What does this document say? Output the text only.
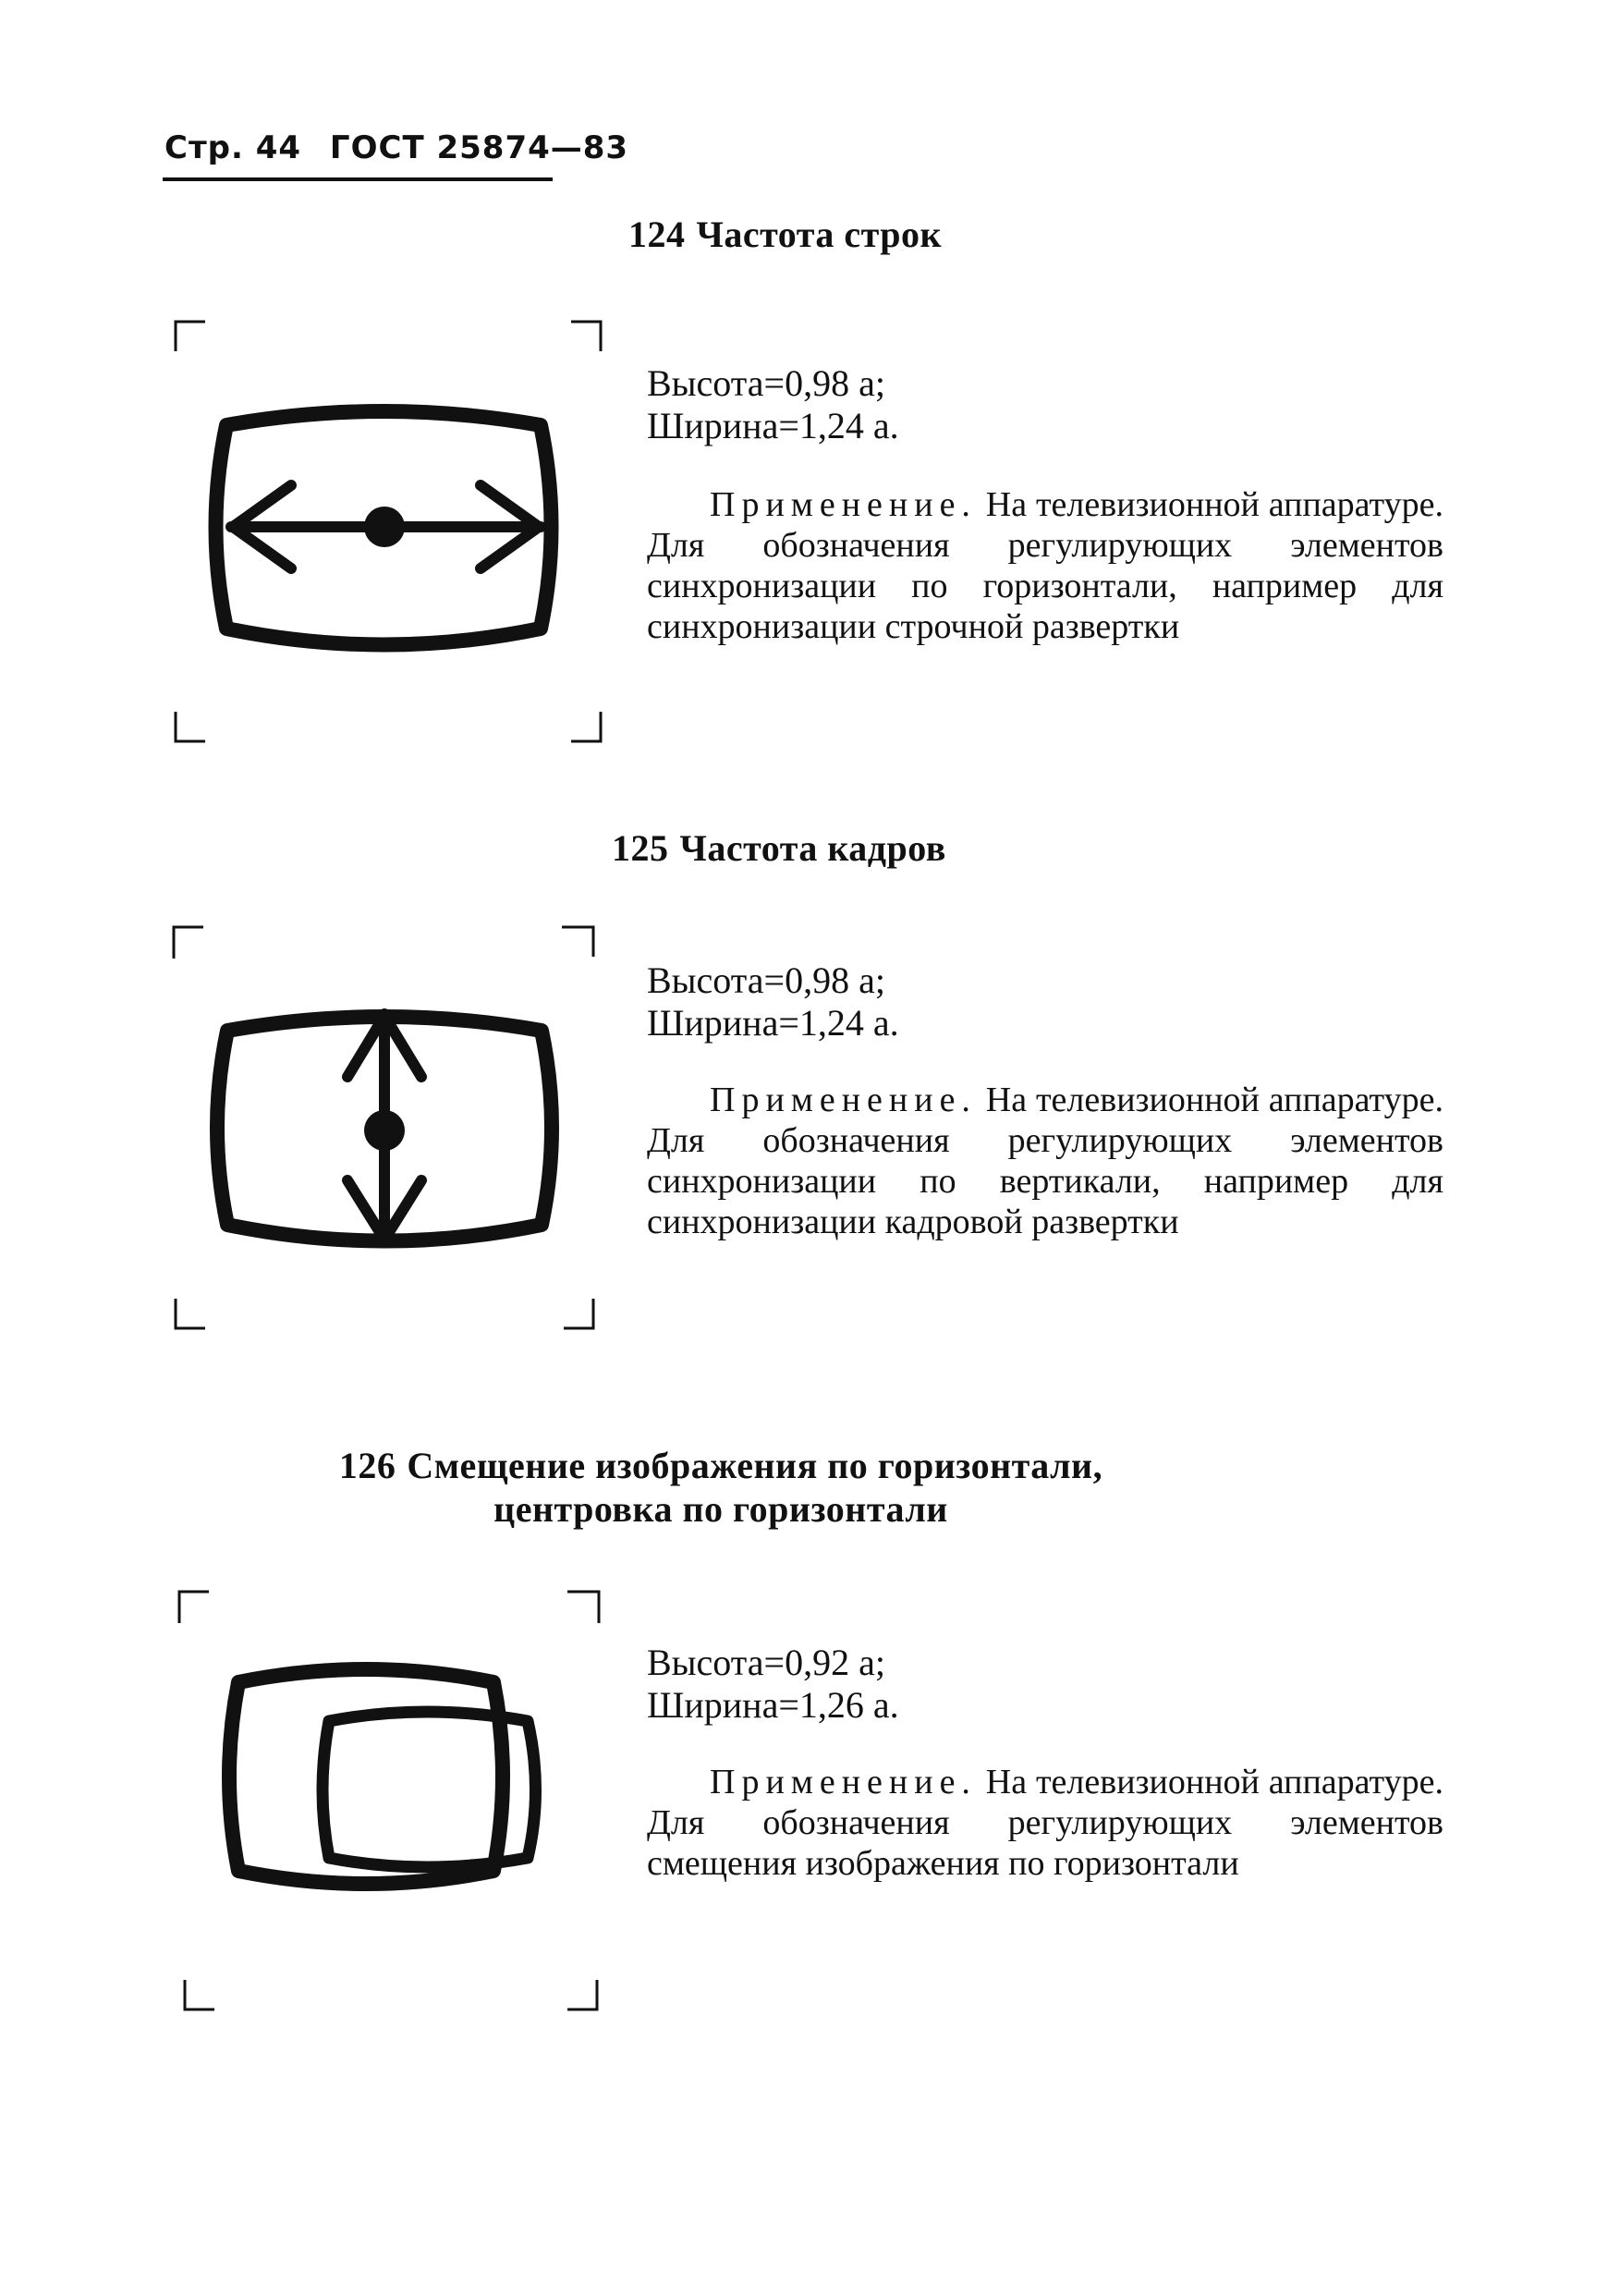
Стр. 44 ГОСТ 25874—83
124 Частота строк
Высота=0,98 а;
Ширина=1,24 а.
Применение. На телевизионной аппаратуре. Для обозначения регулирующих элементов синхронизации по горизонтали, например для синхронизации строчной развертки
125 Частота кадров
Высота=0,98 а;
Ширина=1,24 а.
Применение. На телевизионной аппаратуре. Для обозначения регулирующих элементов синхронизации по вертикали, например для синхронизации кадровой развертки
126 Смещение изображения по горизонтали,
центровка по горизонтали
Высота=0,92 а;
Ширина=1,26 а.
Применение. На телевизионной аппаратуре. Для обозначения регулирующих элементов смещения изображения по горизонтали
